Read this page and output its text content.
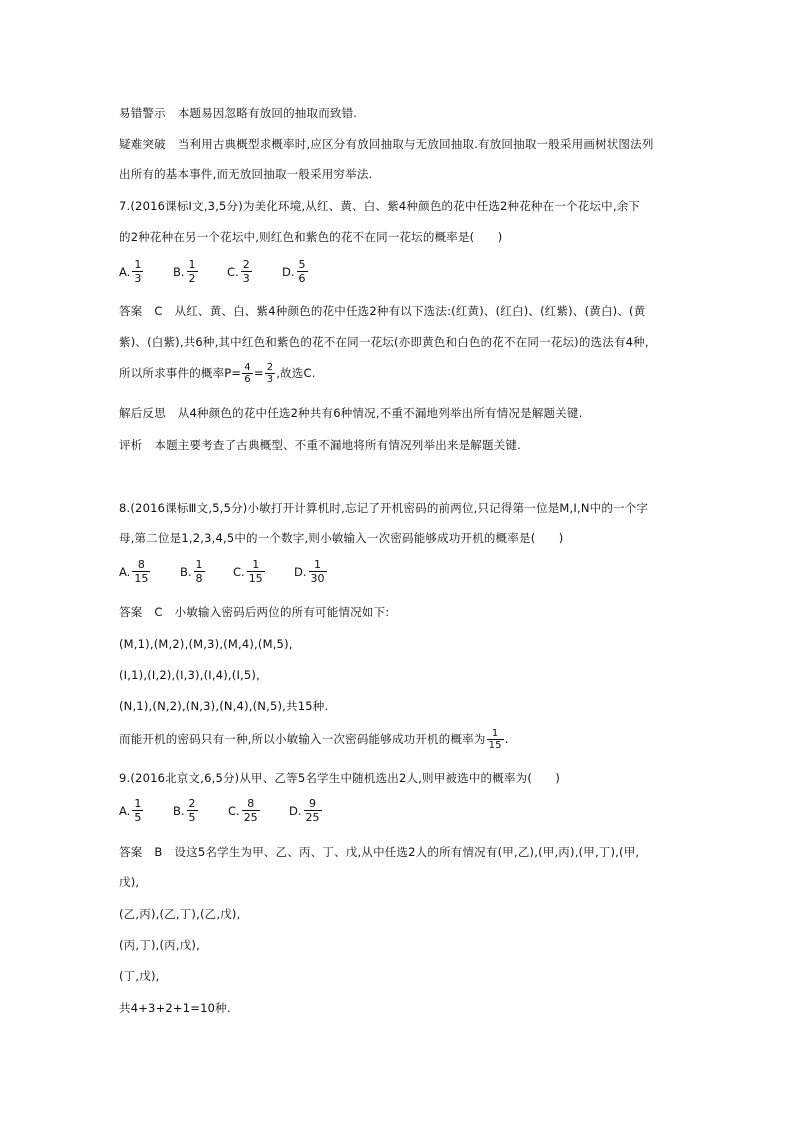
易错警示 本题易因忽略有放回的抽取而致错.
疑难突破 当利用古典概型求概率时,应区分有放回抽取与无放回抽取.有放回抽取一般采用画树状图法列
出所有的基本事件,而无放回抽取一般采用穷举法.
7.(2016课标Ⅰ文,3,5分)为美化环境,从红、黄、白、紫4种颜色的花中任选2种花种在一个花坛中,余下
的2种花种在另一个花坛中,则红色和紫色的花不在同一花坛的概率是(　　)
A. $\frac{1}{3}$	B. $\frac{1}{2}$	C. $\frac{2}{3}$	D. $\frac{5}{6}$
答案 C 从红、黄、白、紫4种颜色的花中任选2种有以下选法:(红黄)、(红白)、(红紫)、(黄白)、(黄
紫)、(白紫),共6种,其中红色和紫色的花不在同一花坛(亦即黄色和白色的花不在同一花坛)的选法有4种,
所以所求事件的概率$P= \frac{4}{6} = \frac{2}{3}$ ,故选C.
解后反思 从4种颜色的花中任选2种共有6种情况,不重不漏地列举出所有情况是解题关键.
评析 本题主要考查了古典概型、不重不漏地将所有情况列举出来是解题关键.
8.(2016课标Ⅲ文,5,5分)小敏打开计算机时,忘记了开机密码的前两位,只记得第一位是M,I,N中的一个字
母,第二位是1,2,3,4,5中的一个数字,则小敏输入一次密码能够成功开机的概率是(　　)
A. $\frac{8}{15}$	B. $\frac{1}{8} C$. $\frac{1}{15}$	D. $\frac{1}{30}$
答案 C 小敏输入密码后两位的所有可能情况如下:
(M,1),(M,2),(M,3),(M,4),(M,5),
(I,1),(I,2),(I,3),(I,4),(I,5),
(N,1),(N,2),(N,3),(N,4),(N,5),共15种.
而能开机的密码只有一种,所以小敏输入一次密码能够成功开机的概率为 $\frac{1}{15}$ .
9.(2016北京文,6,5分)从甲、乙等5名学生中随机选出2人,则甲被选中的概率为(　　)
A. $\frac{1}{5}$	B. $\frac{2}{5}$	C. $\frac{8}{25}$	D. $\frac{9}{25}$
答案 B 设这5名学生为甲、乙、丙、丁、戊,从中任选2人的所有情况有(甲,乙),(甲,丙),(甲,丁),(甲,
戊),
(乙,丙),(乙,丁),(乙,戊),
(丙,丁),(丙,戊),
(丁,戊),
共4+3+2+1=10种.
